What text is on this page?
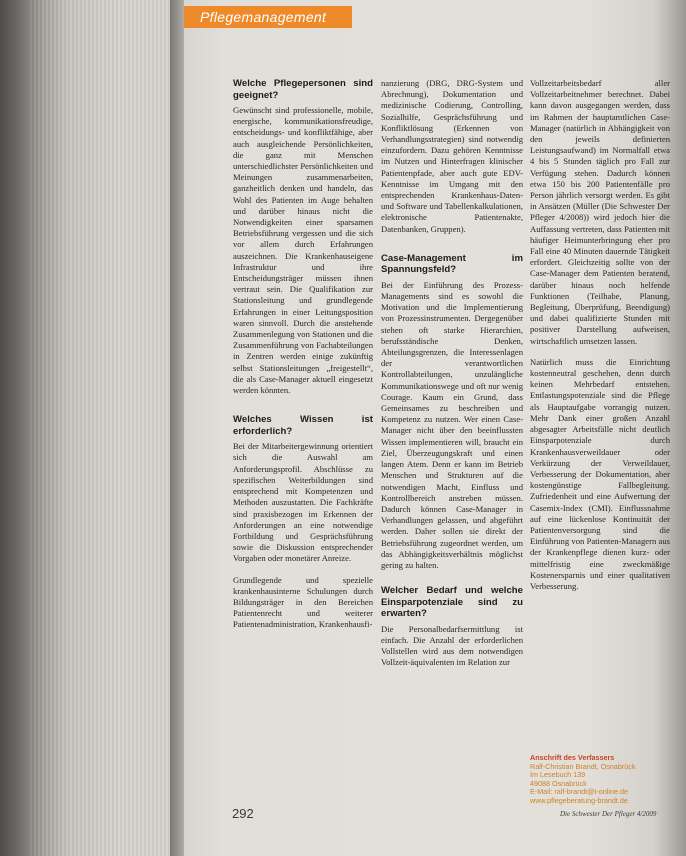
Pflegemanagement
Welche Pflegepersonen sind geeignet?

Gewünscht sind professionelle, mobile, energische, kommunikationsfreudige, entscheidungs- und konfliktfähige, aber auch ausgleichende Persönlichkeiten, die ganz mit Menschen unterschiedlichster Persönlichkeiten und Meinungen zusammenarbeiten, ganzheitlich denken und handeln, das Wohl des Patienten im Auge behalten und darüber hinaus nicht die Notwendigkeiten einer sparsamen Betriebsführung vergessen und die sich vor allem durch Erfahrungen auszeichnen. Die Krankenhauseigene Infrastruktur und ihre Entscheidungsträger müssen ihnen vertraut sein. Die Qualifikation zur Stationsleitung und grundlegende Erfahrungen in einer Leitungsposition waren sinnvoll. Durch die anstehende Zusammenlegung von Stationen und die Zusammenführung von Fachabteilungen in Zentren werden einige zukünftig selbst Stationsleitungen „freigestellt“, die als Case-Manager aktuell eingesetzt werden könnten.

Welches Wissen ist erforderlich?

Bei der Mitarbeitergewinnung orientiert sich die Auswahl am Anforderungsprofil. Abschlüsse zu spezifischen Weiterbildungen sind entsprechend mit Kompetenzen und Methoden auszustatten. Die Fachkräfte sind praxisbezogen im Erkennen der Anforderungen an eine notwendige Fortbildung und Gesprächsführung sowie die Diskussion entsprechender Vorgaben oder monetärer Anreize.

Grundlegende und spezielle krankenhausinterne Schulungen durch Bildungsträger in den Bereichen Patientenrecht und weiterer Patientenadministration, Krankenhausfi-

nanzierung (DRG, DRG-System und Abrechnung), Dokumentation und medizinische Codierung, Controlling, Sozialhilfe, Gesprächsführung und Konfliktlösung (Erkennen von Verhandlungsstrategien) sind notwendig einzufordern. Dazu gehören Kenntnisse im Nutzen und Hinterfragen klinischer Patientenpfade, aber auch gute EDV-Kenntnisse im Umgang mit den entsprechenden Krankenhaus-Daten- und Software und Tabellenkalkulationen, elektronische Patientenakte, Datenbanken, Gruppen).

Case-Management im Spannungsfeld?

Bei der Einführung des Prozess-Managements sind es sowohl die Motivation und die Implementierung von Prozessinstrumenten. Dergegenüber stehen oft starke Hierarchien, berufsständische Denken, Abteilungsgrenzen, die Interessenlagen der verantwortlichen Kontrollabteilungen, unzulängliche Kommunikationswege und oft nur wenig Courage. Kaum ein Grund, dass Gemeinsames zu beschreiben und Kompetenz zu nutzen. Wer einen Case-Manager nicht über den beeinflussten Wissen implementieren will, braucht ein Ziel, Überzeugungskraft und einen langen Atem. Denn er kann im Betrieb Menschen und Strukturen auf die notwendigen Macht, Einfluss und Kontrollbereich anstreben müssen. Dadurch können Case-Manager in Verhandlungen gelassen, und abgeführt werden. Daher sollen sie direkt der Betriebsführung zugeordnet werden, um das Abhängigkeitsverhältnis möglichst gering zu halten.

Welcher Bedarf und welche Einsparpotenziale sind zu erwarten?

Die Personalbedarfsermittlung ist einfach. Die Anzahl der erforderlichen Vollstellen wird aus dem notwendigen Vollzeit-äquivalenten im Relation zur

Vollzeitarbeitsbedarf aller Vollzeitarbeitnehmer berechnet. Dabei kann davon ausgegangen werden, dass im Rahmen der hauptamtlichen Case-Manager (natürlich in Abhängigkeit von den jeweils definierten Leistungsaufwand) im Normalfall etwa 4 bis 5 Stunden täglich pro Fall zur Verfügung stehen. Dadurch können etwa 150 bis 200 Patientenfälle pro Person jährlich versorgt werden. Es gibt in Ansätzen (Müller (Die Schwester Der Pfleger 4/2008)) wird jedoch hier die Auffassung vertreten, dass Patienten mit häufiger Heimunterbringung eher pro Fall eine 40 Minuten dauernde Tätigkeit erfordert. Gleichzeitig sollte von der Case-Manager dem Patienten beratend, darüber hinaus noch helfende Funktionen (Teilhabe, Planung, Begleitung, Überprüfung, Beendigung) und dabei qualifizierte Stunden mit positiver Darstellung aufweisen, wirtschaftlich umsetzen lassen.

Natürlich muss die Einrichtung kostenneutral geschehen, denn durch keinen Mehrbedarf entstehen. Entlastungspotenziale sind die Pflege als Hauptaufgabe vorrangig nutzen. Mehr Dank einer großen Anzahl abgesagter Arbeitsfälle nicht deutlich Einsparpotenziale durch Krankenhausverweildauer oder Verkürzung der Verweildauer, Verbesserung der Dokumentation, aber kostengünstige Fallbegleitung. Zufriedenheit und eine Aufwertung der Casemix-Index (CMI). Einflussnahme auf eine lückenlose Kontinuität der Patientenversorgung sind die Einführung von Patienten-Managern aus der Krankenpflege dienen kurz- oder mittelfristig eine zweckmäßige Kostenersparnis und einer qualitativen Verbesserung.

Anschrift des Verfassers
Ralf-Christian Brandt, Osnabrück
Im Lesebuch 139
49088 Osnabrück
E-Mail: ralf-brandt@t-online.de
www.pflegeberatung-brandt.de
292	Die Schwester Der Pfleger 4/2009
